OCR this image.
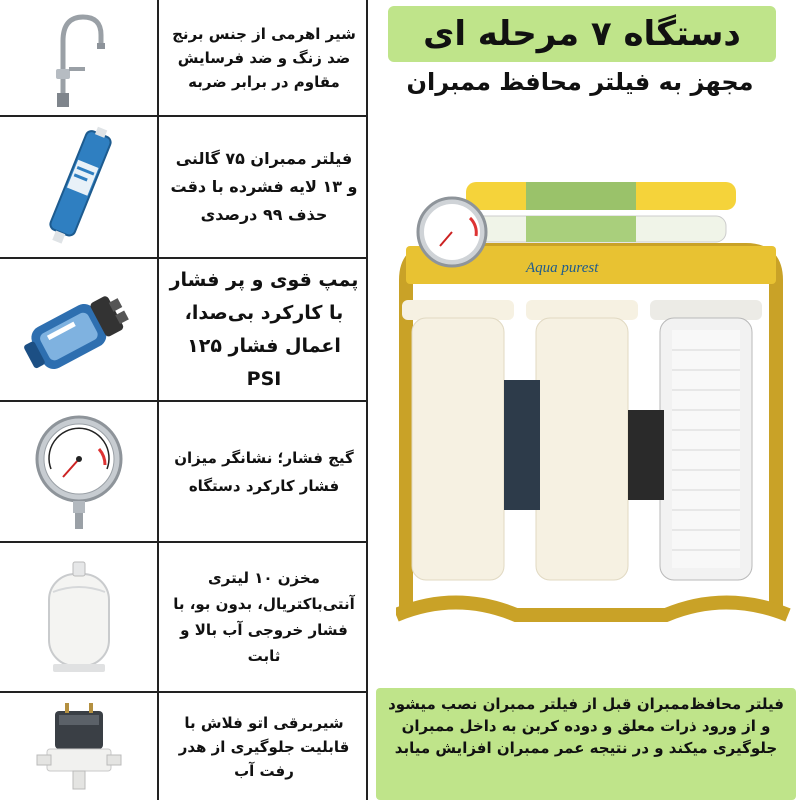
شیر اهرمی از جنس برنج ضد زنگ و ضد فرسایش مقاوم در برابر ضربه
فیلتر ممبران ۷۵ گالنی و ۱۳ لایه فشرده با دقت حذف ۹۹ درصدی
پمپ قوی و پر فشار با کارکرد بی‌صدا، اعمال فشار ۱۲۵ PSI
گیج فشار؛ نشانگر میزان فشار کارکرد دستگاه
مخزن ۱۰ لیتری آنتی‌باکتریال، بدون بو، با فشار خروجی آب بالا و ثابت
شیربرقی اتو فلاش با قابلیت جلوگیری از هدر رفت آب
دستگاه ۷ مرحله ای
مجهز به فیلتر محافظ ممبران
Aqua purest
فیلتر محافظ‌ممبران قبل از فیلتر ممبران نصب میشود و از ورود ذرات معلق و دوده کربن به داخل ممبران جلوگیری میکند و در نتیجه عمر ممبران افزایش میابد
